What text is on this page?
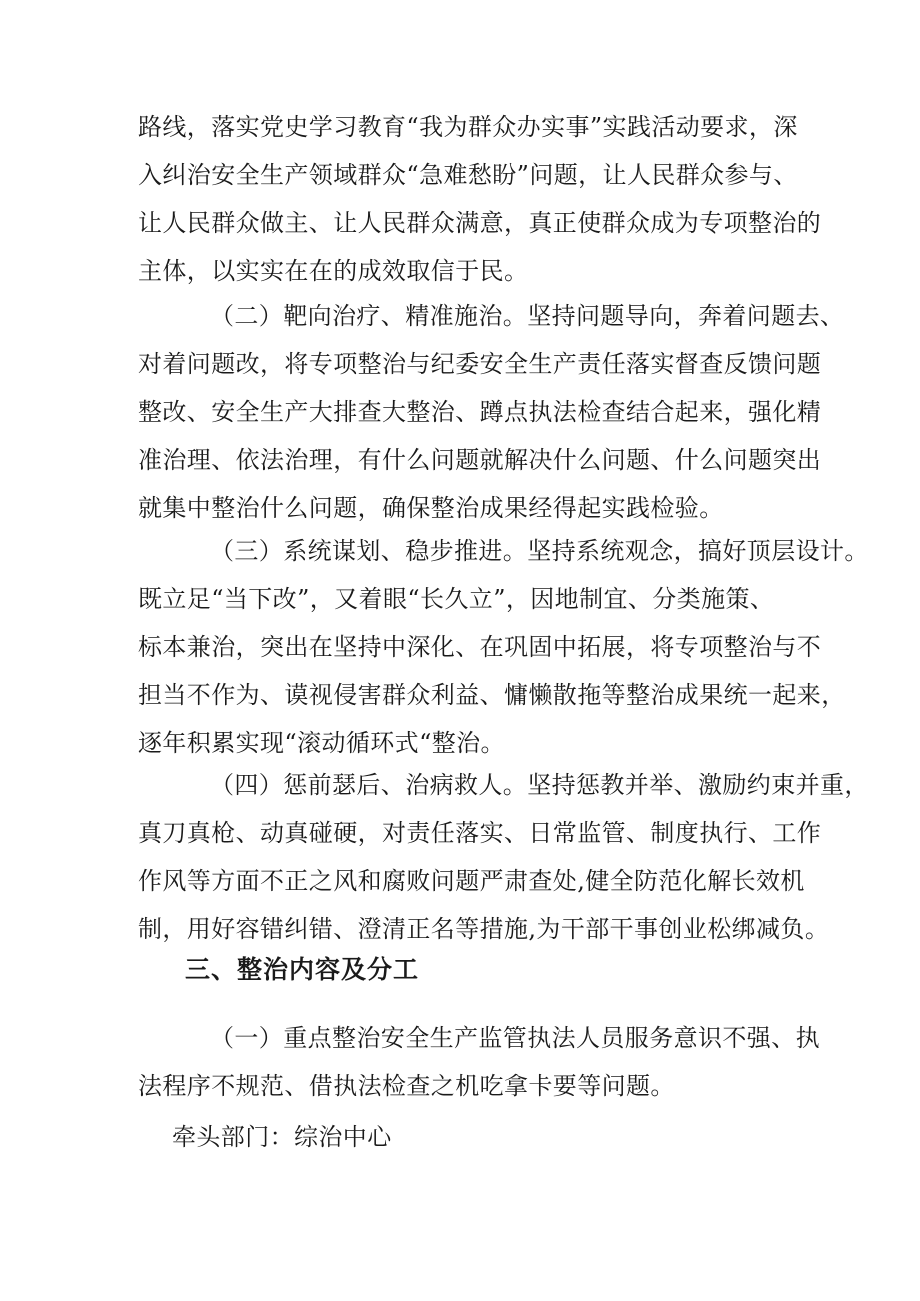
路线，落实党史学习教育“我为群众办实事”实践活动要求，深
入纠治安全生产领域群众“急难愁盼”问题，让人民群众参与、
让人民群众做主、让人民群众满意，真正使群众成为专项整治的
主体，以实实在在的成效取信于民。

（二）靶向治疗、精准施治。坚持问题导向，奔着问题去、
对着问题改，将专项整治与纪委安全生产责任落实督查反馈问题
整改、安全生产大排查大整治、蹲点执法检查结合起来，强化精
准治理、依法治理，有什么问题就解决什么问题、什么问题突出
就集中整治什么问题，确保整治成果经得起实践检验。

（三）系统谋划、稳步推进。坚持系统观念，搞好顶层设计。
既立足“当下改”，又着眼“长久立”，因地制宜、分类施策、
标本兼治，突出在坚持中深化、在巩固中拓展，将专项整治与不
担当不作为、谟视侵害群众利益、慵懒散拖等整治成果统一起来，
逐年积累实现“滚动循环式“整治。

（四）惩前瑟后、治病救人。坚持惩教并举、激励约束并重，
真刀真枪、动真碰硬，对责任落实、日常监管、制度执行、工作
作风等方面不正之风和腐败问题严肃查处,健全防范化解长效机
制，用好容错纠错、澄清正名等措施,为干部干事创业松绑减负。

三、整治内容及分工

（一）重点整治安全生产监管执法人员服务意识不强、执
法程序不规范、借执法检查之机吃拿卡要等问题。

牵头部门：综治中心
